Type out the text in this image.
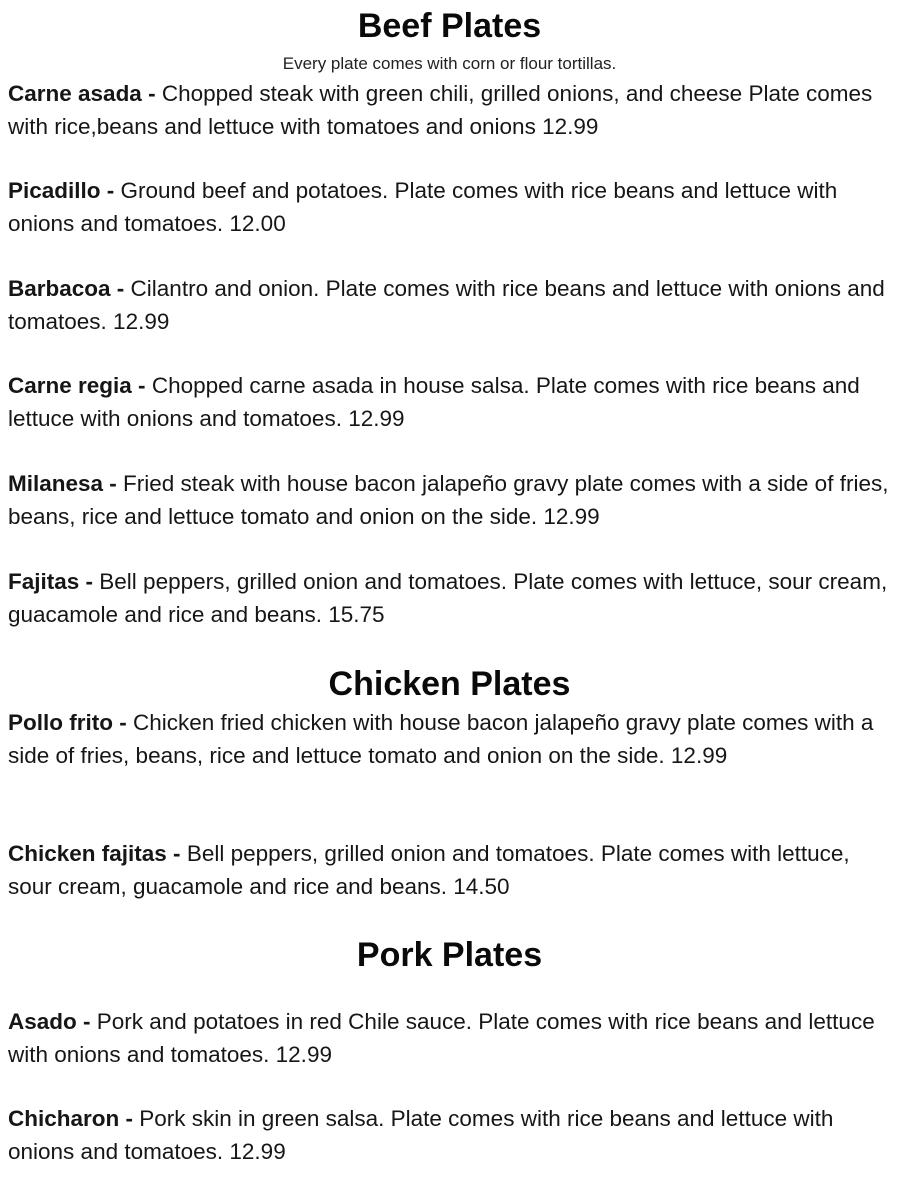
Beef Plates
Every plate comes with corn or flour tortillas.

Carne asada - Chopped steak with green chili, grilled onions, and cheese Plate comes with rice,beans and lettuce with tomatoes and onions 12.99

Picadillo - Ground beef and potatoes. Plate comes with rice beans and lettuce with onions and tomatoes. 12.00

Barbacoa - Cilantro and onion. Plate comes with rice beans and lettuce with onions and tomatoes. 12.99

Carne regia - Chopped carne asada in house salsa. Plate comes with rice beans and lettuce with onions and tomatoes. 12.99

Milanesa - Fried steak with house bacon jalapeño gravy plate comes with a side of fries, beans, rice and lettuce tomato and onion on the side. 12.99

Fajitas - Bell peppers, grilled onion and tomatoes. Plate comes with lettuce, sour cream, guacamole and rice and beans. 15.75

Chicken Plates

Pollo frito - Chicken fried chicken with house bacon jalapeño gravy plate comes with a side of fries, beans, rice and lettuce tomato and onion on the side. 12.99

Chicken fajitas - Bell peppers, grilled onion and tomatoes. Plate comes with lettuce, sour cream, guacamole and rice and beans. 14.50

Pork Plates

Asado - Pork and potatoes in red Chile sauce. Plate comes with rice beans and lettuce with onions and tomatoes. 12.99

Chicharon - Pork skin in green salsa. Plate comes with rice beans and lettuce with onions and tomatoes. 12.99
